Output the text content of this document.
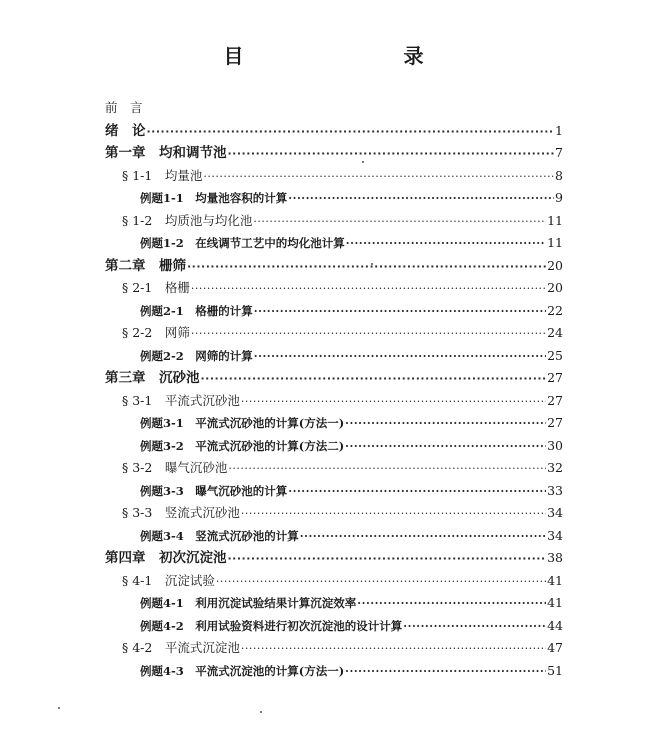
目　　录
前　言
绪　论 ·····	1
第一章　均和调节池 ·····	7
§ 1-1　均量池 ·····	8
例题1-1　均量池容积的计算 ·····	9
§ 1-2　均质池与均化池 ·····	11
例题1-2　在线调节工艺中的均化池计算 ·····	11
第二章　栅筛 ·····	20
§ 2-1　格栅 ·····	20
例题2-1　格栅的计算 ·····	22
§ 2-2　网筛 ·····	24
例题2-2　网筛的计算 ·····	25
第三章　沉砂池 ·····	27
§ 3-1　平流式沉砂池 ·····	27
例题3-1　平流式沉砂池的计算(方法一) ·····	27
例题3-2　平流式沉砂池的计算(方法二) ·····	30
§ 3-2　曝气沉砂池 ·····	32
例题3-3　曝气沉砂池的计算 ·····	33
§ 3-3　竖流式沉砂池 ·····	34
例题3-4　竖流式沉砂池的计算 ·····	34
第四章　初次沉淀池 ·····	38
§ 4-1　沉淀试验 ·····	41
例题4-1　利用沉淀试验结果计算沉淀效率 ·····	41
例题4-2　利用试验资料进行初次沉淀池的设计计算 ·····	44
§ 4-2　平流式沉淀池 ·····	47
例题4-3　平流式沉淀池的计算(方法一) ·····	51
